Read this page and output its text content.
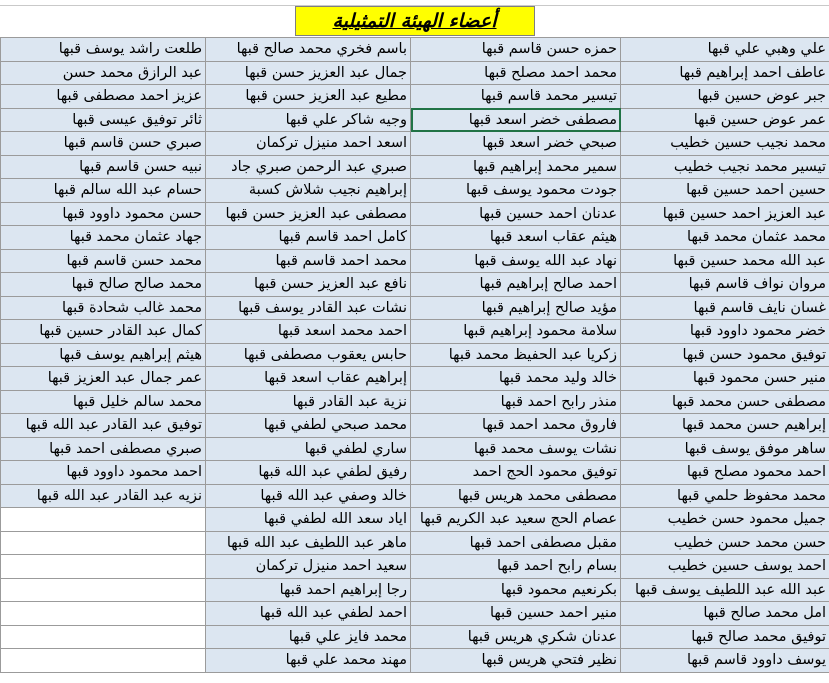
أعضاء الهيئة التمثيلية
طلعت راشد يوسف قبها	باسم فخري محمد صالح قبها	حمزه حسن قاسم قبها	علي وهبي علي قبها
عبد الرازق محمد حسن	جمال عبد العزيز حسن قبها	محمد احمد مصلح قبها	عاطف احمد إبراهيم قبها
عزيز احمد مصطفى قبها	مطيع عبد العزيز حسن قبها	تيسير محمد قاسم قبها	جبر عوض حسين قبها
ثائر توفيق عيسى قبها	وجيه شاكر علي قبها	مصطفى خضر اسعد قبها	عمر عوض حسين قبها
صبري حسن قاسم قبها	اسعد احمد منيزل تركمان	صبحي خضر اسعد قبها	محمد نجيب حسين خطيب
نبيه حسن قاسم قبها	صبري عبد الرحمن صبري جاد	سمير محمد إبراهيم قبها	تيسير محمد نجيب خطيب
حسام عبد الله سالم قبها	إبراهيم نجيب شلاش كسبة	جودت محمود يوسف قبها	حسين احمد حسين قبها
حسن محمود داوود قبها	مصطفى عبد العزيز حسن قبها	عدنان احمد حسين قبها	عبد العزيز احمد حسين قبها
جهاد عثمان محمد قبها	كامل احمد قاسم قبها	هيثم عقاب اسعد قبها	محمد عثمان محمد قبها
محمد حسن قاسم قبها	محمد احمد قاسم قبها	نهاد عبد الله يوسف قبها	عبد الله محمد حسين قبها
محمد صالح صالح قبها	نافع عبد العزيز حسن قبها	احمد صالح إبراهيم قبها	مروان نواف قاسم قبها
محمد غالب شحادة قبها	نشات عبد القادر يوسف قبها	مؤيد صالح إبراهيم قبها	غسان نايف قاسم قبها
كمال عبد القادر حسين قبها	احمد محمد اسعد قبها	سلامة محمود إبراهيم قبها	خضر محمود داوود قبها
هيثم إبراهيم يوسف قبها	حابس يعقوب مصطفى قبها	زكريا عبد الحفيظ محمد قبها	توفيق محمود حسن قبها
عمر جمال عبد العزيز قبها	إبراهيم عقاب اسعد قبها	خالد وليد محمد قبها	منير حسن محمود قبها
محمد سالم خليل قبها	نزية عبد القادر قبها	منذر رابح احمد قبها	مصطفى حسن محمد قبها
توفيق عبد القادر عبد الله قبها	محمد صبحي لطفي قبها	فاروق محمد احمد قبها	إبراهيم حسن محمد قبها
صبري مصطفى احمد قبها	ساري لطفي قبها	نشات يوسف محمد قبها	ساهر موفق يوسف قبها
احمد محمود داوود قبها	رفيق لطفي عبد الله قبها	توفيق محمود الحج احمد	احمد محمود مصلح قبها
نزيه عبد القادر عبد الله قبها	خالد وصفي عبد الله قبها	مصطفى محمد هريس قبها	محمد محفوظ حلمي قبها
	اياد سعد الله لطفي قبها	عصام الحج سعيد عبد الكريم قبها	جميل محمود حسن خطيب
	ماهر عبد اللطيف عبد الله قبها	مقبل مصطفى احمد قبها	حسن محمد حسن خطيب
	سعيد احمد منيزل تركمان	بسام رابح احمد قبها	احمد يوسف حسين خطيب
	رجا إبراهيم احمد قبها	بكرنعيم محمود قبها	عبد الله عبد اللطيف يوسف قبها
	احمد لطفي عبد الله قبها	منير احمد حسين قبها	امل محمد صالح قبها
	محمد فايز علي قبها	عدنان شكري هريس قبها	توفيق محمد صالح قبها
	مهند محمد علي قبها	نظير فتحي هريس قبها	يوسف داوود قاسم قبها
